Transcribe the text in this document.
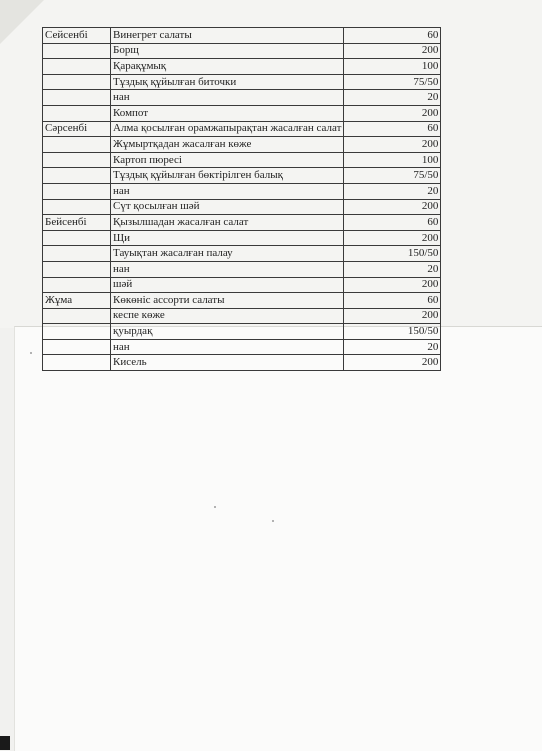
Сейсенбі	Винегрет салаты	60
	Борщ	200
	Қарақұмық	100
	Тұздық құйылған биточки	75/50
	нан	20
	Компот	200
Сәрсенбі	Алма қосылған орамжапырақтан жасалған салат	60
	Жұмыртқадан жасалған көже	200
	Картоп пюресі	100
	Тұздық құйылған бөктірілген балық	75/50
	нан	20
	Сүт қосылған шәй	200
Бейсенбі	Қызылшадан жасалған салат	60
	Щи	200
	Тауықтан жасалған палау	150/50
	нан	20
	шәй	200
Жұма	Көкөніс ассорти салаты	60
	кеспе көже	200
	қуырдақ	150/50
	нан	20
	Кисель	200
